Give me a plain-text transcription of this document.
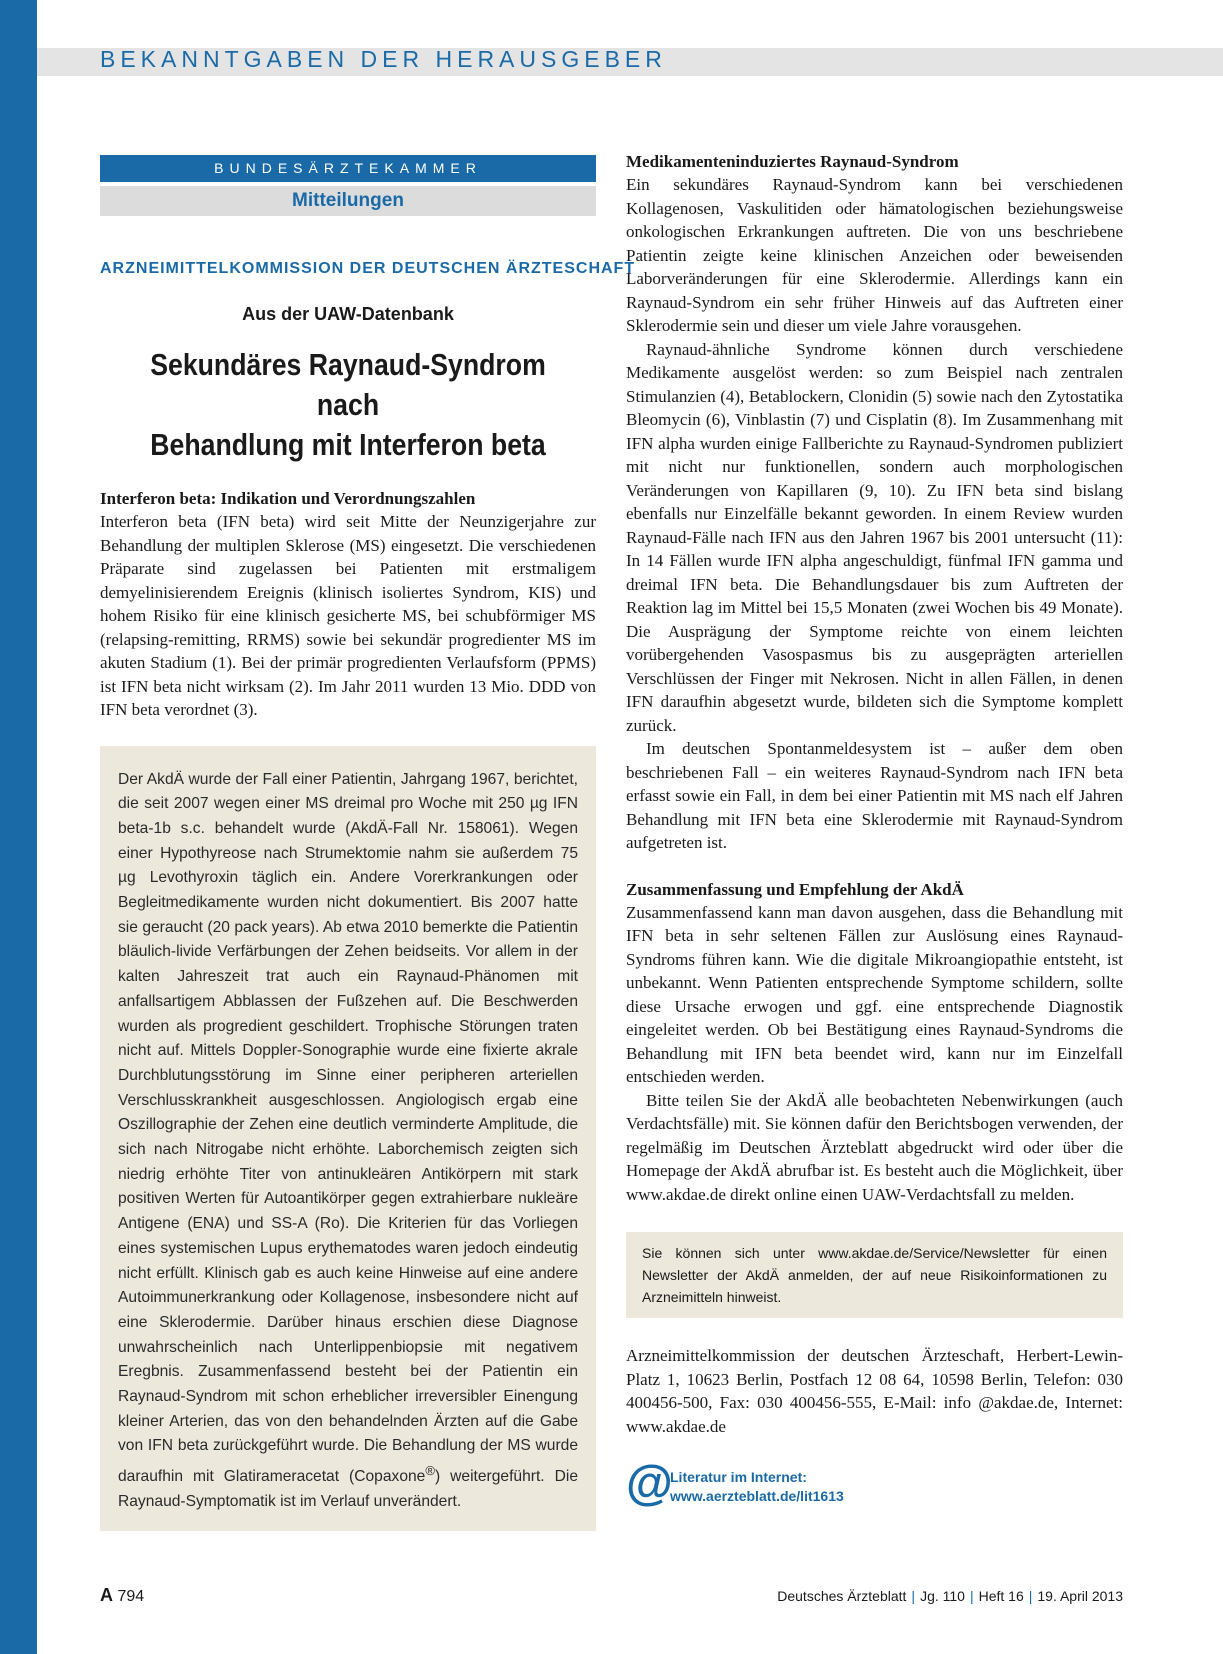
BEKANNTGABEN DER HERAUSGEBER
BUNDESÄRZTEKAMMER
Mitteilungen
ARZNEIMITTELKOMMISSION DER DEUTSCHEN ÄRZTESCHAFT
Aus der UAW-Datenbank
Sekundäres Raynaud-Syndrom nach
Behandlung mit Interferon beta
Interferon beta: Indikation und Verordnungszahlen
Interferon beta (IFN beta) wird seit Mitte der Neunzigerjahre zur Behandlung der multiplen Sklerose (MS) eingesetzt. Die verschiedenen Präparate sind zugelassen bei Patienten mit erstmaligem demyelinisierendem Ereignis (klinisch isoliertes Syndrom, KIS) und hohem Risiko für eine klinisch gesicherte MS, bei schubförmiger MS (relapsing-remitting, RRMS) sowie bei sekundär progredienter MS im akuten Stadium (1). Bei der primär progredienten Verlaufsform (PPMS) ist IFN beta nicht wirksam (2). Im Jahr 2011 wurden 13 Mio. DDD von IFN beta verordnet (3).
Der AkdÄ wurde der Fall einer Patientin, Jahrgang 1967, berichtet, die seit 2007 wegen einer MS dreimal pro Woche mit 250 µg IFN beta-1b s.c. behandelt wurde (AkdÄ-Fall Nr. 158061). Wegen einer Hypothyreose nach Strumektomie nahm sie außerdem 75 µg Levothyroxin täglich ein. Andere Vorerkrankungen oder Begleitmedikamente wurden nicht dokumentiert. Bis 2007 hatte sie geraucht (20 pack years). Ab etwa 2010 bemerkte die Patientin bläulich-livide Verfärbungen der Zehen beidseits. Vor allem in der kalten Jahreszeit trat auch ein Raynaud-Phänomen mit anfallsartigem Abblassen der Fußzehen auf. Die Beschwerden wurden als progredient geschildert. Trophische Störungen traten nicht auf. Mittels Doppler-Sonographie wurde eine fixierte akrale Durchblutungsstörung im Sinne einer peripheren arteriellen Verschlusskrankheit ausgeschlossen. Angiologisch ergab eine Oszillographie der Zehen eine deutlich verminderte Amplitude, die sich nach Nitrogabe nicht erhöhte. Laborchemisch zeigten sich niedrig erhöhte Titer von antinukleären Antikörpern mit stark positiven Werten für Autoantikörper gegen extrahierbare nukleäre Antigene (ENA) und SS-A (Ro). Die Kriterien für das Vorliegen eines systemischen Lupus erythematodes waren jedoch eindeutig nicht erfüllt. Klinisch gab es auch keine Hinweise auf eine andere Autoimmunerkrankung oder Kollagenose, insbesondere nicht auf eine Sklerodermie. Darüber hinaus erschien diese Diagnose unwahrscheinlich nach Unterlippenbiopsie mit negativem Eregbnis. Zusammenfassend besteht bei der Patientin ein Raynaud-Syndrom mit schon erheblicher irreversibler Einengung kleiner Arterien, das von den behandelnden Ärzten auf die Gabe von IFN beta zurückgeführt wurde. Die Behandlung der MS wurde daraufhin mit Glatirameracetat (Copaxone®) weitergeführt. Die Raynaud-Symptomatik ist im Verlauf unverändert.
Medikamenteninduziertes Raynaud-Syndrom
Ein sekundäres Raynaud-Syndrom kann bei verschiedenen Kollagenosen, Vaskulitiden oder hämatologischen beziehungsweise onkologischen Erkrankungen auftreten. Die von uns beschriebene Patientin zeigte keine klinischen Anzeichen oder beweisenden Laborveränderungen für eine Sklerodermie. Allerdings kann ein Raynaud-Syndrom ein sehr früher Hinweis auf das Auftreten einer Sklerodermie sein und dieser um viele Jahre vorausgehen.
Raynaud-ähnliche Syndrome können durch verschiedene Medikamente ausgelöst werden: so zum Beispiel nach zentralen Stimulanzien (4), Betablockern, Clonidin (5) sowie nach den Zytostatika Bleomycin (6), Vinblastin (7) und Cisplatin (8). Im Zusammenhang mit IFN alpha wurden einige Fallberichte zu Raynaud-Syndromen publiziert mit nicht nur funktionellen, sondern auch morphologischen Veränderungen von Kapillaren (9, 10). Zu IFN beta sind bislang ebenfalls nur Einzelfälle bekannt geworden. In einem Review wurden Raynaud-Fälle nach IFN aus den Jahren 1967 bis 2001 untersucht (11): In 14 Fällen wurde IFN alpha angeschuldigt, fünfmal IFN gamma und dreimal IFN beta. Die Behandlungsdauer bis zum Auftreten der Reaktion lag im Mittel bei 15,5 Monaten (zwei Wochen bis 49 Monate). Die Ausprägung der Symptome reichte von einem leichten vorübergehenden Vasospasmus bis zu ausgeprägten arteriellen Verschlüssen der Finger mit Nekrosen. Nicht in allen Fällen, in denen IFN daraufhin abgesetzt wurde, bildeten sich die Symptome komplett zurück.
Im deutschen Spontanmeldesystem ist – außer dem oben beschriebenen Fall – ein weiteres Raynaud-Syndrom nach IFN beta erfasst sowie ein Fall, in dem bei einer Patientin mit MS nach elf Jahren Behandlung mit IFN beta eine Sklerodermie mit Raynaud-Syndrom aufgetreten ist.
Zusammenfassung und Empfehlung der AkdÄ
Zusammenfassend kann man davon ausgehen, dass die Behandlung mit IFN beta in sehr seltenen Fällen zur Auslösung eines Raynaud-Syndroms führen kann. Wie die digitale Mikroangiopathie entsteht, ist unbekannt. Wenn Patienten entsprechende Symptome schildern, sollte diese Ursache erwogen und ggf. eine entsprechende Diagnostik eingeleitet werden. Ob bei Bestätigung eines Raynaud-Syndroms die Behandlung mit IFN beta beendet wird, kann nur im Einzelfall entschieden werden.
Bitte teilen Sie der AkdÄ alle beobachteten Nebenwirkungen (auch Verdachtsfälle) mit. Sie können dafür den Berichtsbogen verwenden, der regelmäßig im Deutschen Ärzteblatt abgedruckt wird oder über die Homepage der AkdÄ abrufbar ist. Es besteht auch die Möglichkeit, über www.akdae.de direkt online einen UAW-Verdachtsfall zu melden.
Sie können sich unter www.akdae.de/Service/Newsletter für einen Newsletter der AkdÄ anmelden, der auf neue Risikoinformationen zu Arzneimitteln hinweist.
Arzneimittelkommission der deutschen Ärzteschaft, Herbert-Lewin-Platz 1, 10623 Berlin, Postfach 12 08 64, 10598 Berlin, Telefon: 030 400456-500, Fax: 030 400456-555, E-Mail: info @akdae.de, Internet: www.akdae.de
@
Literatur im Internet:
www.aerzteblatt.de/lit1613
A 794	Deutsches Ärzteblatt | Jg. 110 | Heft 16 | 19. April 2013
